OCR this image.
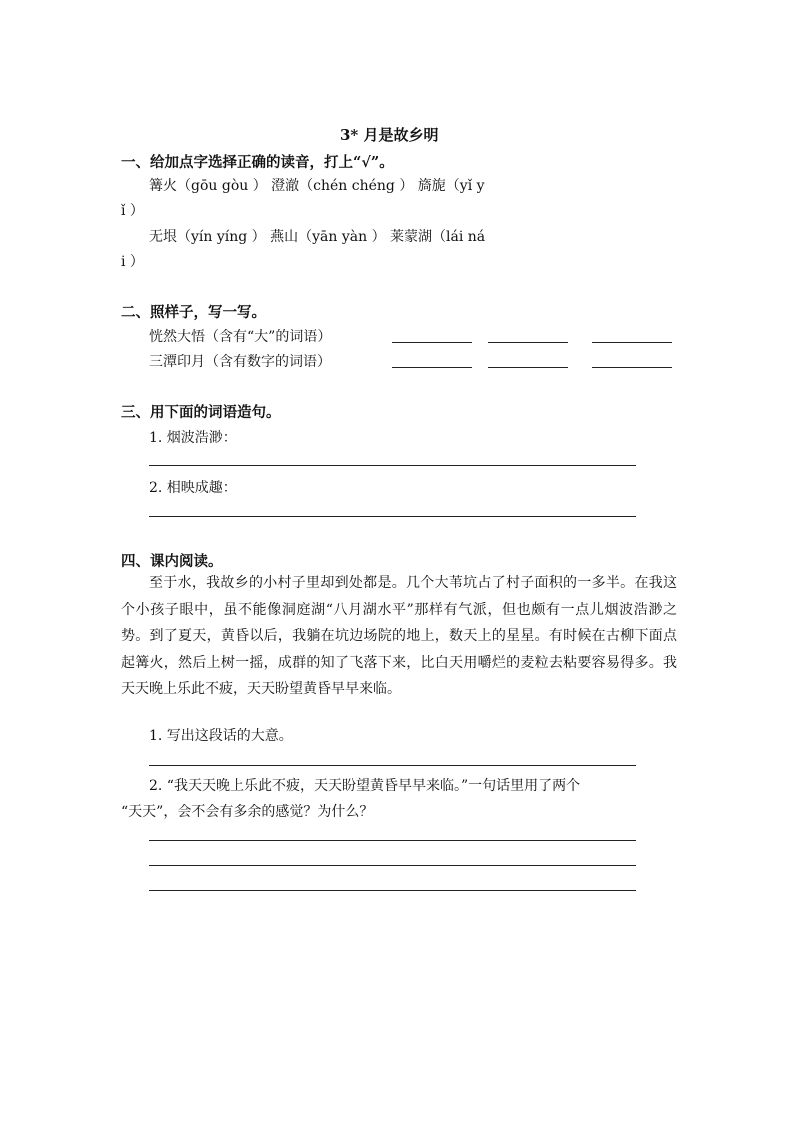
3* 月是故乡明
一、给加点字选择正确的读音，打上“√”。
篝火（gōu gòu ） 澄澈（chén chéng ） 旖旎（yǐ y
ǐ ）
无垠（yín yíng ） 燕山（yān yàn ） 莱蒙湖（lái ná
i ）
二、照样子，写一写。
恍然大悟（含有“大”的词语）
三潭印月（含有数字的词语）
三、用下面的词语造句。
1. 烟波浩渺：
2. 相映成趣：
四、课内阅读。
至于水，我故乡的小村子里却到处都是。几个大苇坑占了村子面积的一多半。在我这个小孩子眼中，虽不能像洞庭湖“八月湖水平”那样有气派，但也颇有一点儿烟波浩渺之势。到了夏天，黄昏以后，我躺在坑边场院的地上，数天上的星星。有时候在古柳下面点起篝火，然后上树一摇，成群的知了飞落下来，比白天用嚼烂的麦粒去粘要容易得多。我天天晚上乐此不疲，天天盼望黄昏早早来临。
1. 写出这段话的大意。
2. “我天天晚上乐此不疲，天天盼望黄昏早早来临。”一句话里用了两个
“天天”，会不会有多余的感觉？为什么？
